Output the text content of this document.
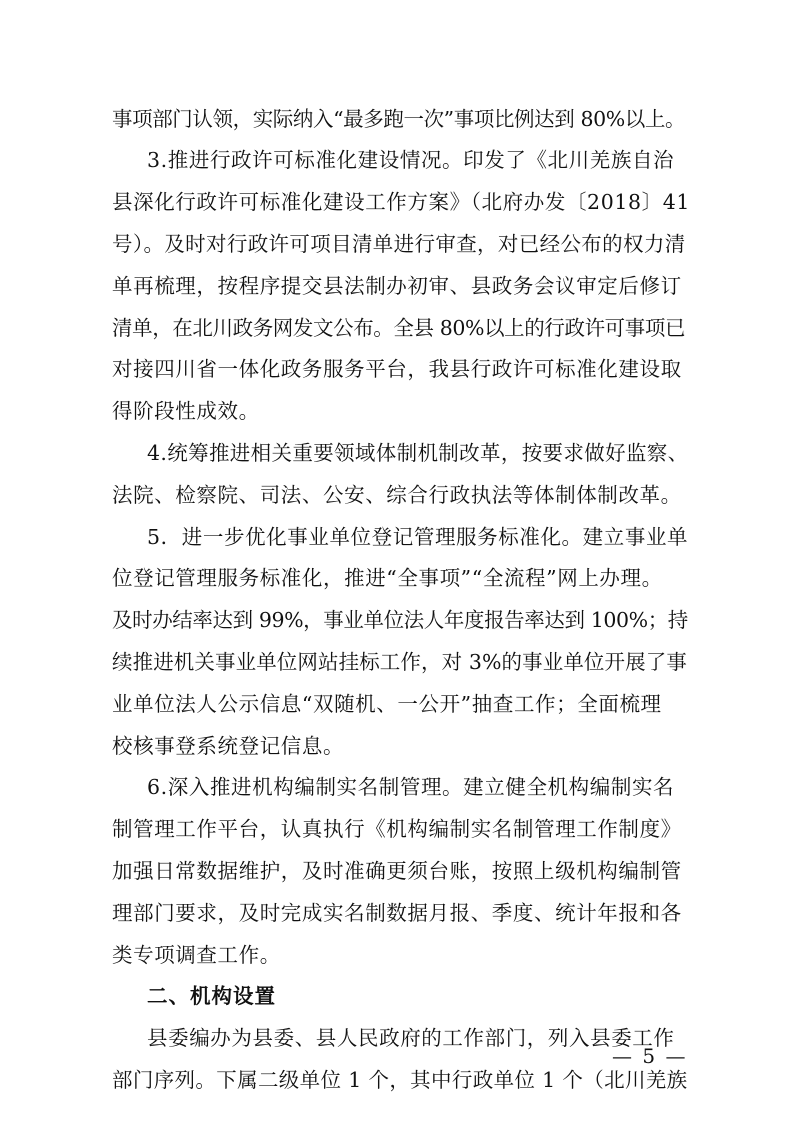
事项部门认领，实际纳入“最多跑一次”事项比例达到 80%以上。
3.推进行政许可标准化建设情况。印发了《北川羌族自治
县深化行政许可标准化建设工作方案》（北府办发〔2018〕41
号）。及时对行政许可项目清单进行审查，对已经公布的权力清
单再梳理，按程序提交县法制办初审、县政务会议审定后修订
清单，在北川政务网发文公布。全县 80%以上的行政许可事项已
对接四川省一体化政务服务平台，我县行政许可标准化建设取
得阶段性成效。
4.统筹推进相关重要领域体制机制改革，按要求做好监察、
法院、检察院、司法、公安、综合行政执法等体制体制改革。
5．进一步优化事业单位登记管理服务标准化。建立事业单
位登记管理服务标准化，推进“全事项”“全流程”网上办理。
及时办结率达到 99%，事业单位法人年度报告率达到 100%；持
续推进机关事业单位网站挂标工作，对 3%的事业单位开展了事
业单位法人公示信息“双随机、一公开”抽查工作；全面梳理
校核事登系统登记信息。
6.深入推进机构编制实名制管理。建立健全机构编制实名
制管理工作平台，认真执行《机构编制实名制管理工作制度》
加强日常数据维护，及时准确更须台账，按照上级机构编制管
理部门要求，及时完成实名制数据月报、季度、统计年报和各
类专项调查工作。
二、机构设置
县委编办为县委、县人民政府的工作部门，列入县委工作
部门序列。下属二级单位 1 个，其中行政单位 1 个（北川羌族
— 5 —
